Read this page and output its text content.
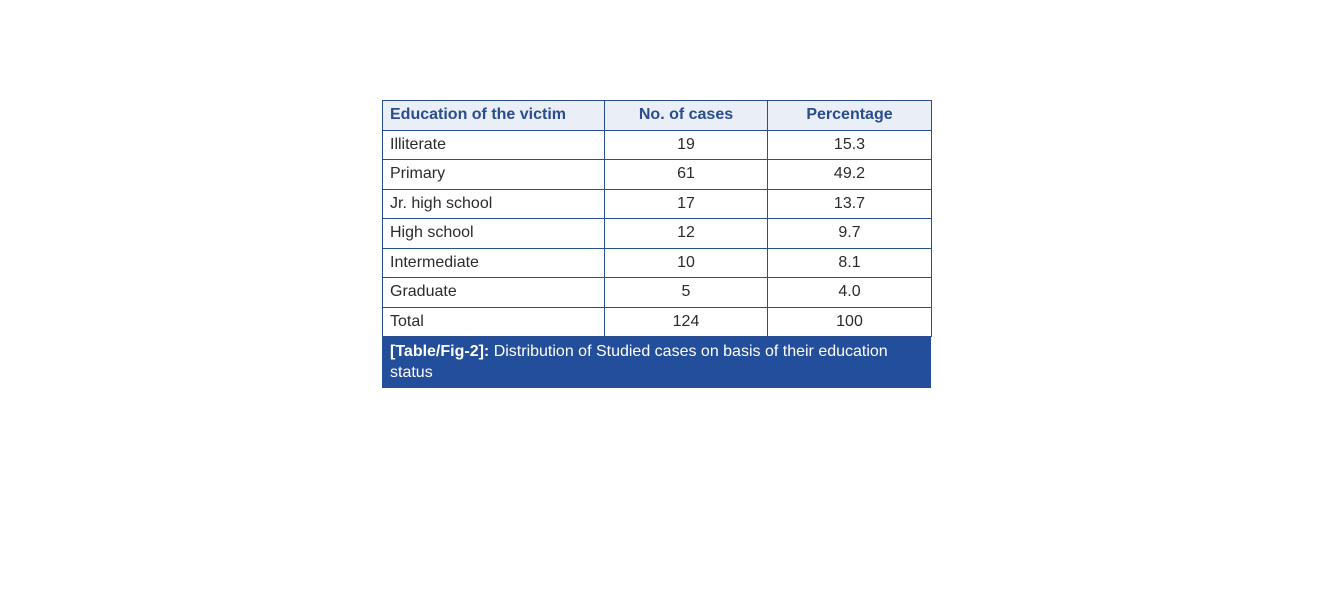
Education of the victim	No. of cases	Percentage
Illiterate	19	15.3
Primary	61	49.2
Jr. high school	17	13.7
High school	12	9.7
Intermediate	10	8.1
Graduate	5	4.0
Total	124	100
[Table/Fig-2]: Distribution of Studied cases on basis of their education status
